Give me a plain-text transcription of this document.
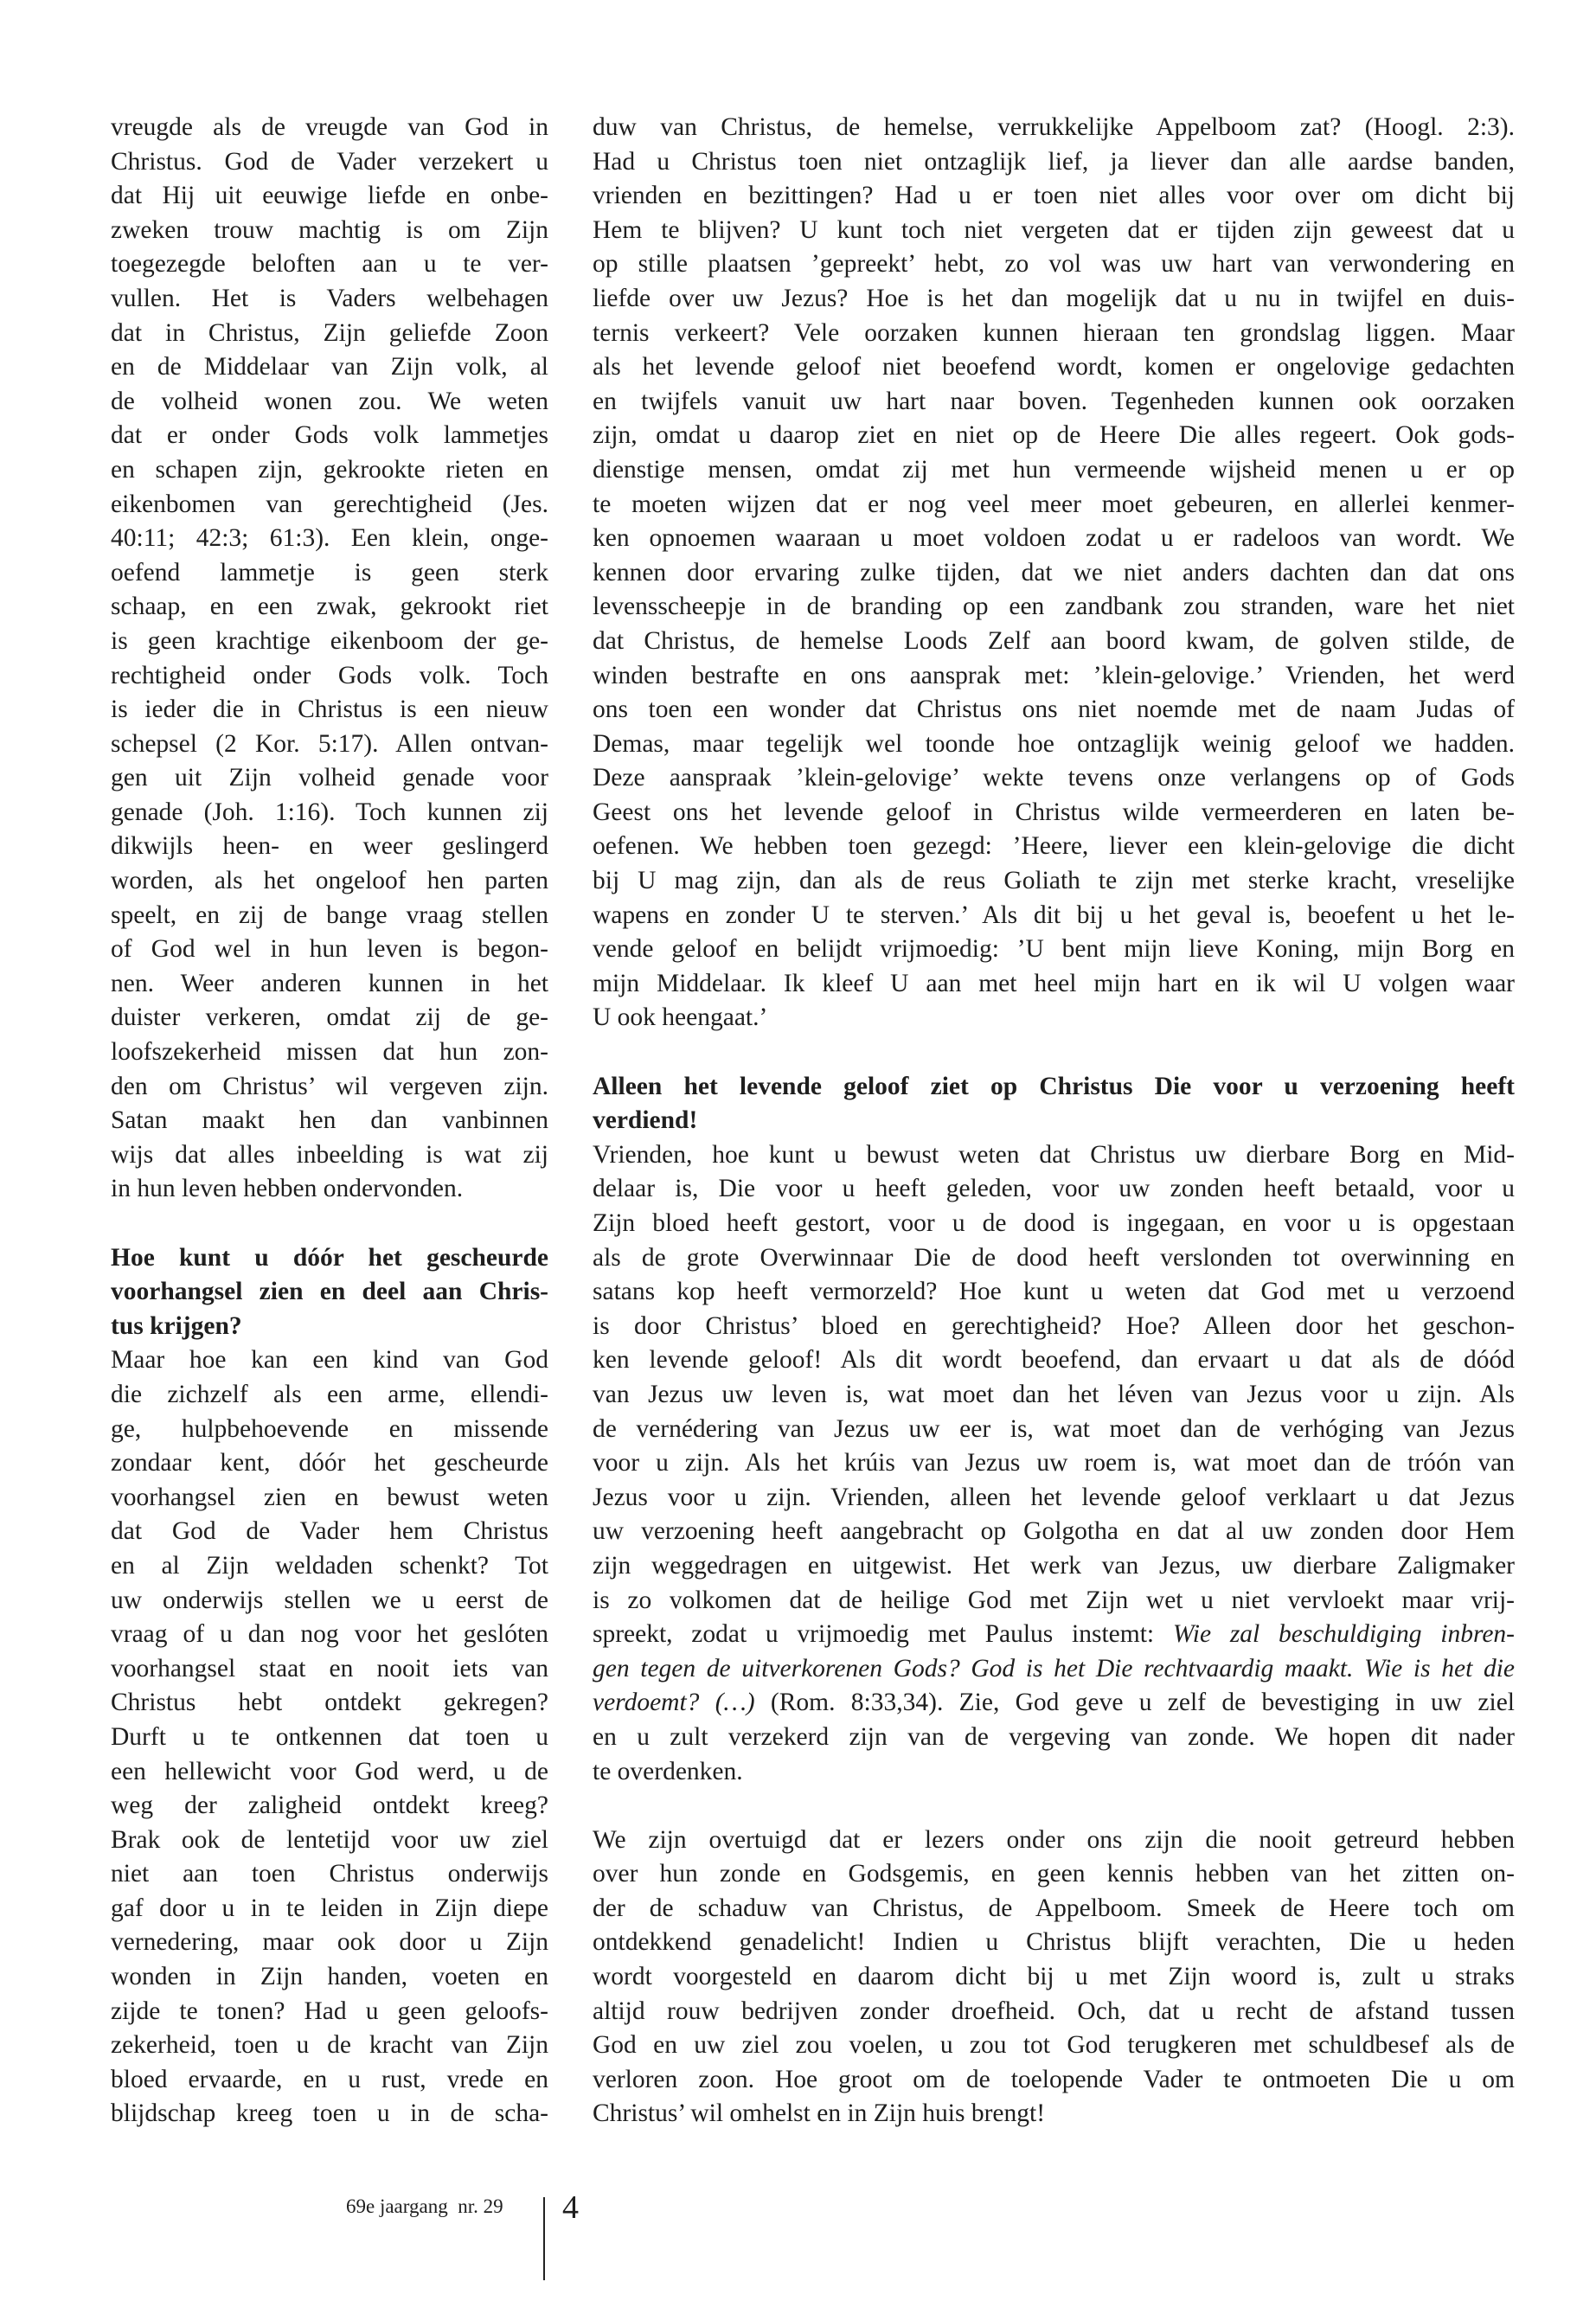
vreugde als de vreugde van God in
Christus. God de Vader verzekert u
dat Hij uit eeuwige liefde en onbe-
zweken trouw machtig is om Zijn
toegezegde beloften aan u te ver-
vullen. Het is Vaders welbehagen
dat in Christus, Zijn geliefde Zoon
en de Middelaar van Zijn volk, al
de volheid wonen zou. We weten
dat er onder Gods volk lammetjes
en schapen zijn, gekrookte rieten en
eikenbomen van gerechtigheid (Jes.
40:11; 42:3; 61:3). Een klein, onge-
oefend lammetje is geen sterk
schaap, en een zwak, gekrookt riet
is geen krachtige eikenboom der ge-
rechtigheid onder Gods volk. Toch
is ieder die in Christus is een nieuw
schepsel (2 Kor. 5:17). Allen ontvan-
gen uit Zijn volheid genade voor
genade (Joh. 1:16). Toch kunnen zij
dikwijls heen- en weer geslingerd
worden, als het ongeloof hen parten
speelt, en zij de bange vraag stellen
of God wel in hun leven is begon-
nen. Weer anderen kunnen in het
duister verkeren, omdat zij de ge-
loofszekerheid missen dat hun zon-
den om Christus’ wil vergeven zijn.
Satan maakt hen dan vanbinnen
wijs dat alles inbeelding is wat zij
in hun leven hebben ondervonden.
Hoe kunt u dóór het gescheurde
voorhangsel zien en deel aan Chris-
tus krijgen?
Maar hoe kan een kind van God
die zichzelf als een arme, ellendi-
ge, hulpbehoevende en missende
zondaar kent, dóór het gescheurde
voorhangsel zien en bewust weten
dat God de Vader hem Christus
en al Zijn weldaden schenkt? Tot
uw onderwijs stellen we u eerst de
vraag of u dan nog voor het geslóten
voorhangsel staat en nooit iets van
Christus hebt ontdekt gekregen?
Durft u te ontkennen dat toen u
een hellewicht voor God werd, u de
weg der zaligheid ontdekt kreeg?
Brak ook de lentetijd voor uw ziel
niet aan toen Christus onderwijs
gaf door u in te leiden in Zijn diepe
vernedering, maar ook door u Zijn
wonden in Zijn handen, voeten en
zijde te tonen? Had u geen geloofs-
zekerheid, toen u de kracht van Zijn
bloed ervaarde, en u rust, vrede en
blijdschap kreeg toen u in de scha-
duw van Christus, de hemelse, verrukkelijke Appelboom zat? (Hoogl. 2:3).
Had u Christus toen niet ontzaglijk lief, ja liever dan alle aardse banden,
vrienden en bezittingen? Had u er toen niet alles voor over om dicht bij
Hem te blijven? U kunt toch niet vergeten dat er tijden zijn geweest dat u
op stille plaatsen ’gepreekt’ hebt, zo vol was uw hart van verwondering en
liefde over uw Jezus? Hoe is het dan mogelijk dat u nu in twijfel en duis-
ternis verkeert? Vele oorzaken kunnen hieraan ten grondslag liggen. Maar
als het levende geloof niet beoefend wordt, komen er ongelovige gedachten
en twijfels vanuit uw hart naar boven. Tegenheden kunnen ook oorzaken
zijn, omdat u daarop ziet en niet op de Heere Die alles regeert. Ook gods-
dienstige mensen, omdat zij met hun vermeende wijsheid menen u er op
te moeten wijzen dat er nog veel meer moet gebeuren, en allerlei kenmer-
ken opnoemen waaraan u moet voldoen zodat u er radeloos van wordt. We
kennen door ervaring zulke tijden, dat we niet anders dachten dan dat ons
levensscheepje in de branding op een zandbank zou stranden, ware het niet
dat Christus, de hemelse Loods Zelf aan boord kwam, de golven stilde, de
winden bestrafte en ons aansprak met: ’klein-gelovige.’ Vrienden, het werd
ons toen een wonder dat Christus ons niet noemde met de naam Judas of
Demas, maar tegelijk wel toonde hoe ontzaglijk weinig geloof we hadden.
Deze aanspraak ’klein-gelovige’ wekte tevens onze verlangens op of Gods
Geest ons het levende geloof in Christus wilde vermeerderen en laten be-
oefenen. We hebben toen gezegd: ’Heere, liever een klein-gelovige die dicht
bij U mag zijn, dan als de reus Goliath te zijn met sterke kracht, vreselijke
wapens en zonder U te sterven.’ Als dit bij u het geval is, beoefent u het le-
vende geloof en belijdt vrijmoedig: ’U bent mijn lieve Koning, mijn Borg en
mijn Middelaar. Ik kleef U aan met heel mijn hart en ik wil U volgen waar
U ook heengaat.’
Alleen het levende geloof ziet op Christus Die voor u verzoening heeft
verdiend!
Vrienden, hoe kunt u bewust weten dat Christus uw dierbare Borg en Mid-
delaar is, Die voor u heeft geleden, voor uw zonden heeft betaald, voor u
Zijn bloed heeft gestort, voor u de dood is ingegaan, en voor u is opgestaan
als de grote Overwinnaar Die de dood heeft verslonden tot overwinning en
satans kop heeft vermorzeld? Hoe kunt u weten dat God met u verzoend
is door Christus’ bloed en gerechtigheid? Hoe? Alleen door het geschon-
ken levende geloof! Als dit wordt beoefend, dan ervaart u dat als de dóód
van Jezus uw leven is, wat moet dan het léven van Jezus voor u zijn. Als
de vernédering van Jezus uw eer is, wat moet dan de verhóging van Jezus
voor u zijn. Als het krúis van Jezus uw roem is, wat moet dan de tróón van
Jezus voor u zijn. Vrienden, alleen het levende geloof verklaart u dat Jezus
uw verzoening heeft aangebracht op Golgotha en dat al uw zonden door Hem
zijn weggedragen en uitgewist. Het werk van Jezus, uw dierbare Zaligmaker
is zo volkomen dat de heilige God met Zijn wet u niet vervloekt maar vrij-
spreekt, zodat u vrijmoedig met Paulus instemt: Wie zal beschuldiging inbren-
gen tegen de uitverkorenen Gods? God is het Die rechtvaardig maakt. Wie is het die
verdoemt? (…) (Rom. 8:33,34). Zie, God geve u zelf de bevestiging in uw ziel
en u zult verzekerd zijn van de vergeving van zonde. We hopen dit nader
te overdenken.
We zijn overtuigd dat er lezers onder ons zijn die nooit getreurd hebben
over hun zonde en Godsgemis, en geen kennis hebben van het zitten on-
der de schaduw van Christus, de Appelboom. Smeek de Heere toch om
ontdekkend genadelicht! Indien u Christus blijft verachten, Die u heden
wordt voorgesteld en daarom dicht bij u met Zijn woord is, zult u straks
altijd rouw bedrijven zonder droefheid. Och, dat u recht de afstand tussen
God en uw ziel zou voelen, u zou tot God terugkeren met schuldbesef als de
verloren zoon. Hoe groot om de toelopende Vader te ontmoeten Die u om
Christus’ wil omhelst en in Zijn huis brengt!
69e jaargang  nr. 29 4
